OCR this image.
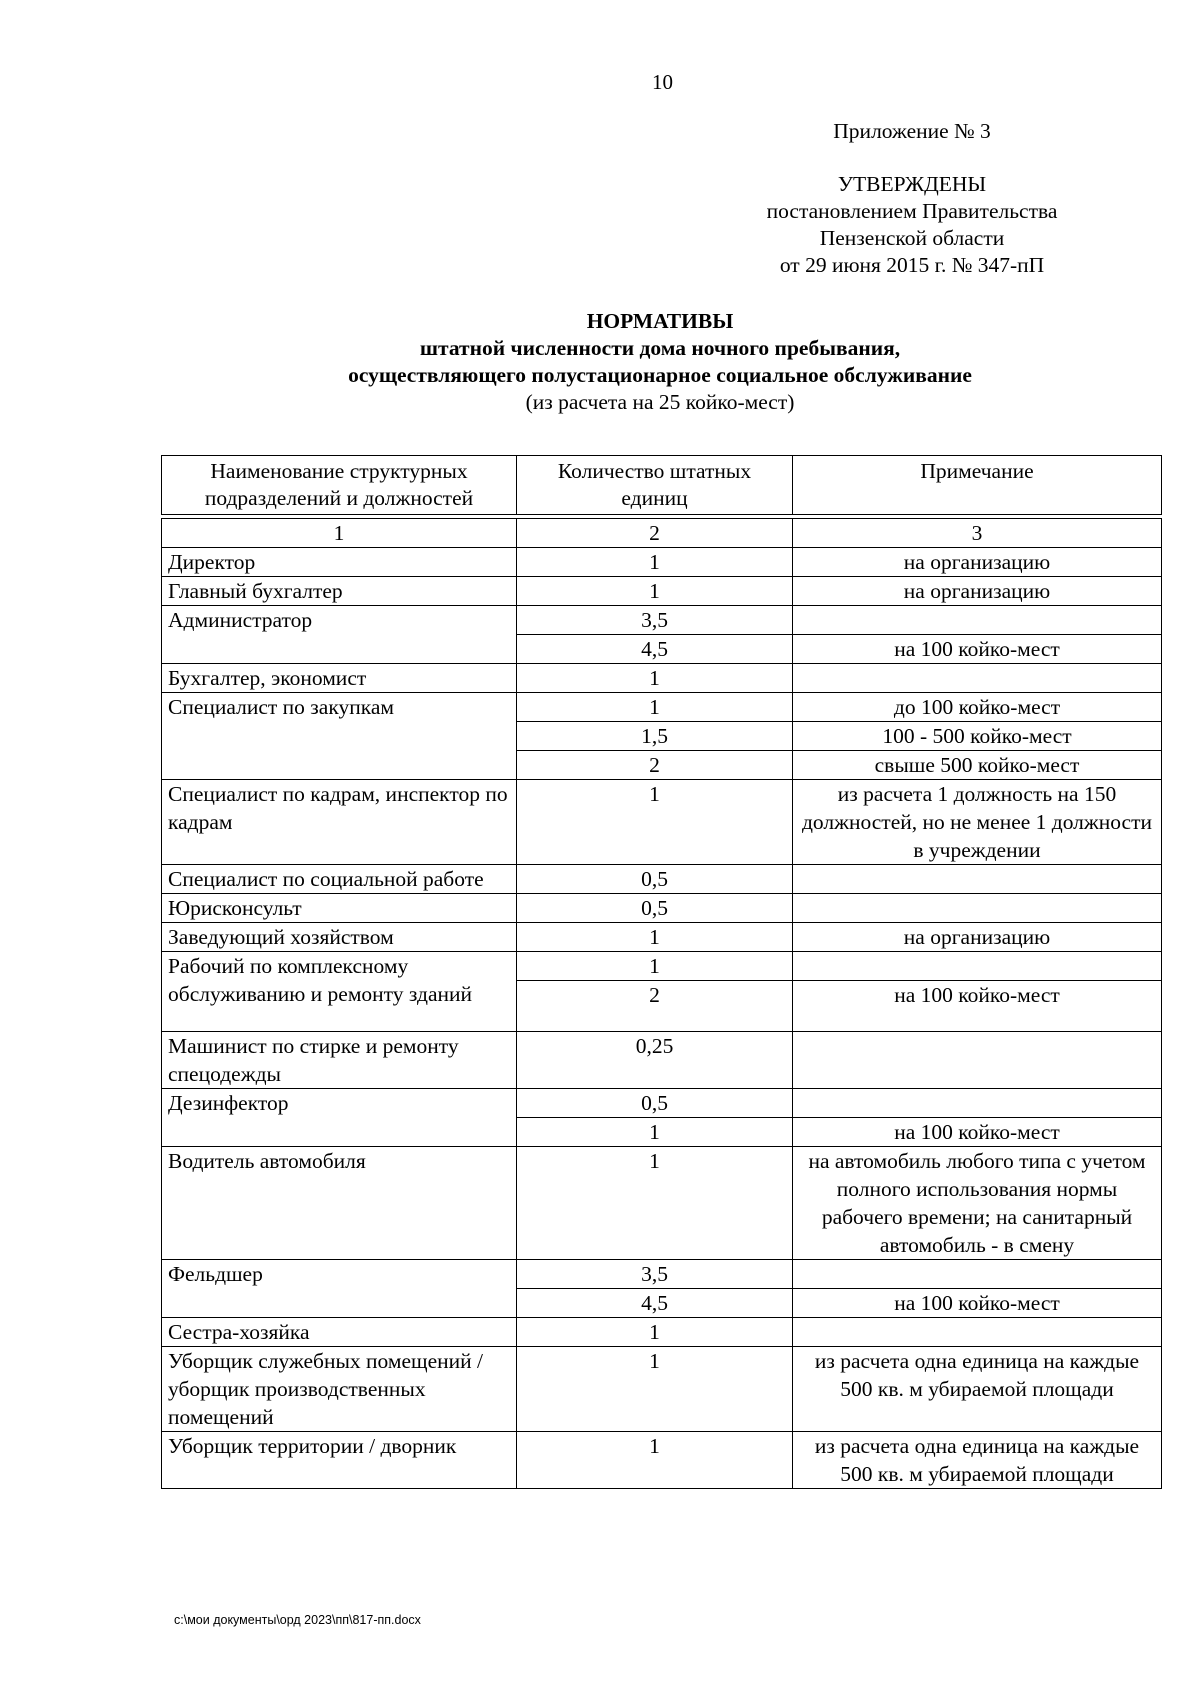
10
Приложение № 3
УТВЕРЖДЕНЫ
постановлением Правительства
Пензенской области
от 29 июня 2015 г. № 347-пП
НОРМАТИВЫ
штатной численности дома ночного пребывания,
осуществляющего полустационарное социальное обслуживание
(из расчета на 25 койко-мест)
Наименование структурных подразделений и должностей	Количество штатных единиц	Примечание

1	2	3
Директор	1	на организацию
Главный бухгалтер	1	на организацию
Администратор	3,5	
	4,5	на 100 койко-мест
Бухгалтер, экономист	1	
Специалист по закупкам	1	до 100 койко-мест
	1,5	100 - 500 койко-мест
	2	свыше 500 койко-мест
Специалист по кадрам, инспектор по кадрам	1	из расчета 1 должность на 150 должностей, но не менее 1 должности в учреждении
Специалист по социальной работе	0,5	
Юрисконсульт	0,5	
Заведующий хозяйством	1	на организацию
Рабочий по комплексному обслуживанию и ремонту зданий	1	
	2	на 100 койко-мест
Машинист по стирке и ремонту спецодежды	0,25	
Дезинфектор	0,5	
	1	на 100 койко-мест
Водитель автомобиля	1	на автомобиль любого типа с учетом полного использования нормы рабочего времени; на санитарный автомобиль - в смену
Фельдшер	3,5	
	4,5	на 100 койко-мест
Сестра-хозяйка	1	
Уборщик служебных помещений / уборщик производственных помещений	1	из расчета одна единица на каждые 500 кв. м убираемой площади
Уборщик территории / дворник	1	из расчета одна единица на каждые 500 кв. м убираемой площади
c:\мои документы\орд 2023\пп\817-пп.docx
